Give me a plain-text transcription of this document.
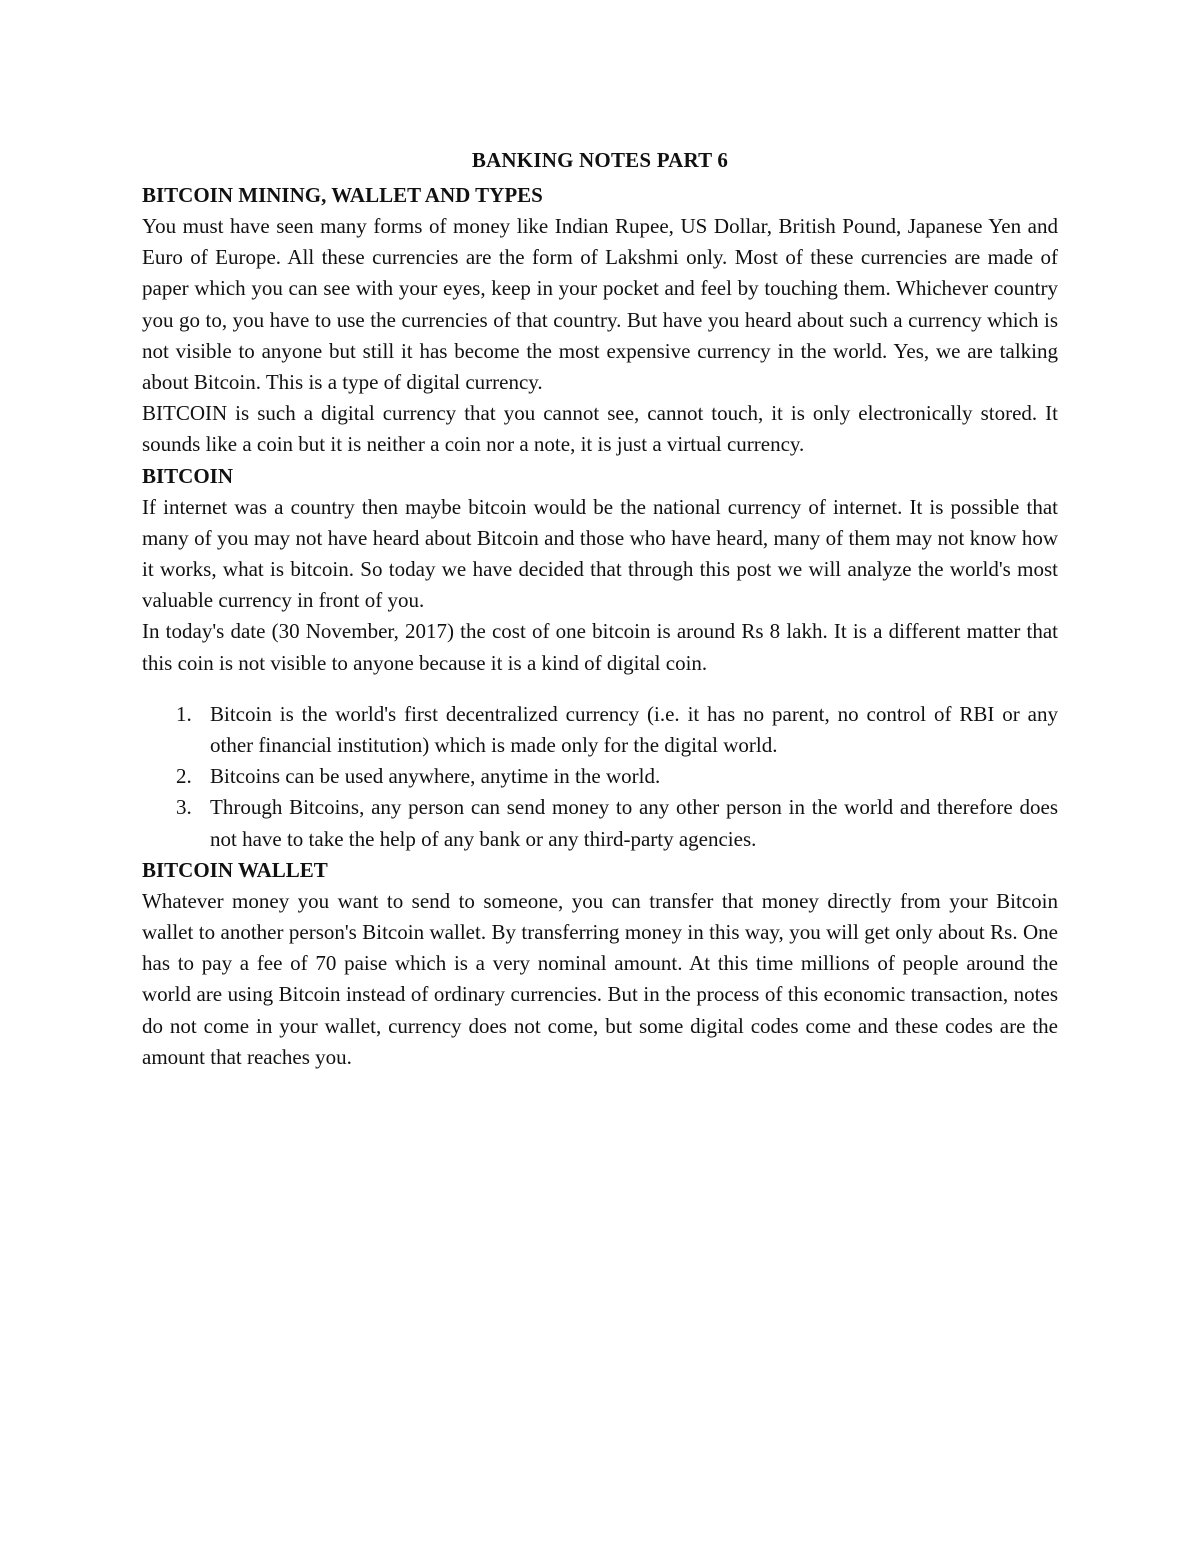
BANKING NOTES PART 6
BITCOIN MINING, WALLET AND TYPES

You must have seen many forms of money like Indian Rupee, US Dollar, British Pound, Japanese Yen and Euro of Europe. All these currencies are the form of Lakshmi only. Most of these currencies are made of paper which you can see with your eyes, keep in your pocket and feel by touching them. Whichever country you go to, you have to use the currencies of that country. But have you heard about such a currency which is not visible to anyone but still it has become the most expensive currency in the world. Yes, we are talking about Bitcoin. This is a type of digital currency.

BITCOIN is such a digital currency that you cannot see, cannot touch, it is only electronically stored. It sounds like a coin but it is neither a coin nor a note, it is just a virtual currency.

BITCOIN

If internet was a country then maybe bitcoin would be the national currency of internet. It is possible that many of you may not have heard about Bitcoin and those who have heard, many of them may not know how it works, what is bitcoin. So today we have decided that through this post we will analyze the world's most valuable currency in front of you.

In today's date (30 November, 2017) the cost of one bitcoin is around Rs 8 lakh. It is a different matter that this coin is not visible to anyone because it is a kind of digital coin.

1. Bitcoin is the world's first decentralized currency (i.e. it has no parent, no control of RBI or any other financial institution) which is made only for the digital world.
2. Bitcoins can be used anywhere, anytime in the world.
3. Through Bitcoins, any person can send money to any other person in the world and therefore does not have to take the help of any bank or any third-party agencies.
BITCOIN WALLET

Whatever money you want to send to someone, you can transfer that money directly from your Bitcoin wallet to another person's Bitcoin wallet. By transferring money in this way, you will get only about Rs. One has to pay a fee of 70 paise which is a very nominal amount. At this time millions of people around the world are using Bitcoin instead of ordinary currencies. But in the process of this economic transaction, notes do not come in your wallet, currency does not come, but some digital codes come and these codes are the amount that reaches you.
